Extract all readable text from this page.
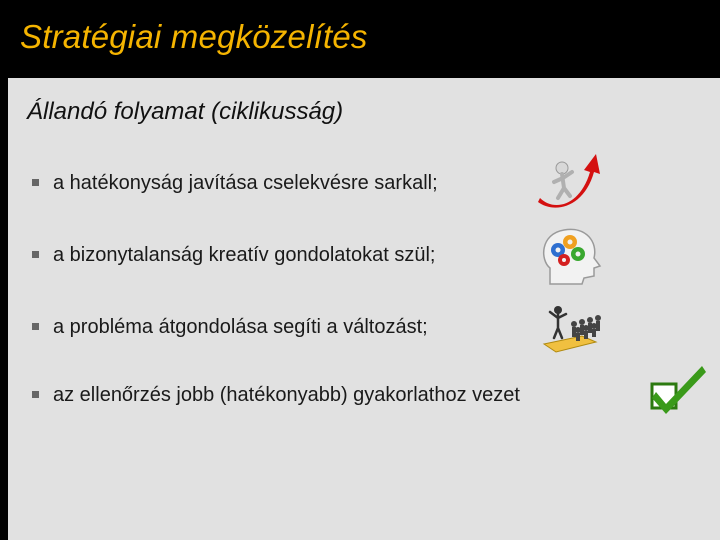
Stratégiai megközelítés
Állandó folyamat (ciklikusság)
a hatékonyság javítása cselekvésre sarkall;
a bizonytalanság kreatív gondolatokat szül;
a probléma átgondolása segíti a változást;
az ellenőrzés jobb (hatékonyabb) gyakorlathoz vezet
